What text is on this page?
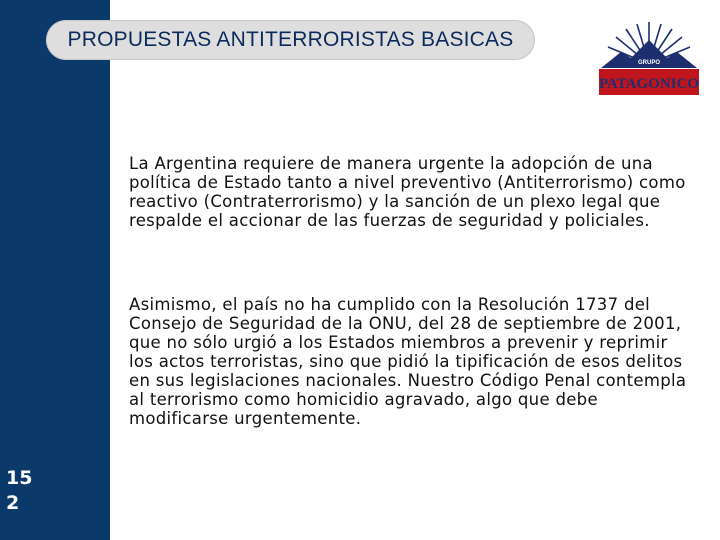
15
2
PROPUESTAS ANTITERRORISTAS BASICAS
GRUPO
PATAGONICO

La Argentina requiere de manera urgente la adopción de una política de Estado tanto a nivel preventivo (Antiterrorismo) como reactivo (Contraterrorismo) y la sanción de un plexo legal que respalde el accionar de las fuerzas de seguridad y policiales.

Asimismo, el país no ha cumplido con la Resolución 1737 del Consejo de Seguridad de la ONU, del 28 de septiembre de 2001, que no sólo urgió a los Estados miembros a prevenir y reprimir los actos terroristas, sino que pidió la tipificación de esos delitos en sus legislaciones nacionales. Nuestro Código Penal contempla al terrorismo como homicidio agravado, algo que debe modificarse urgentemente.
